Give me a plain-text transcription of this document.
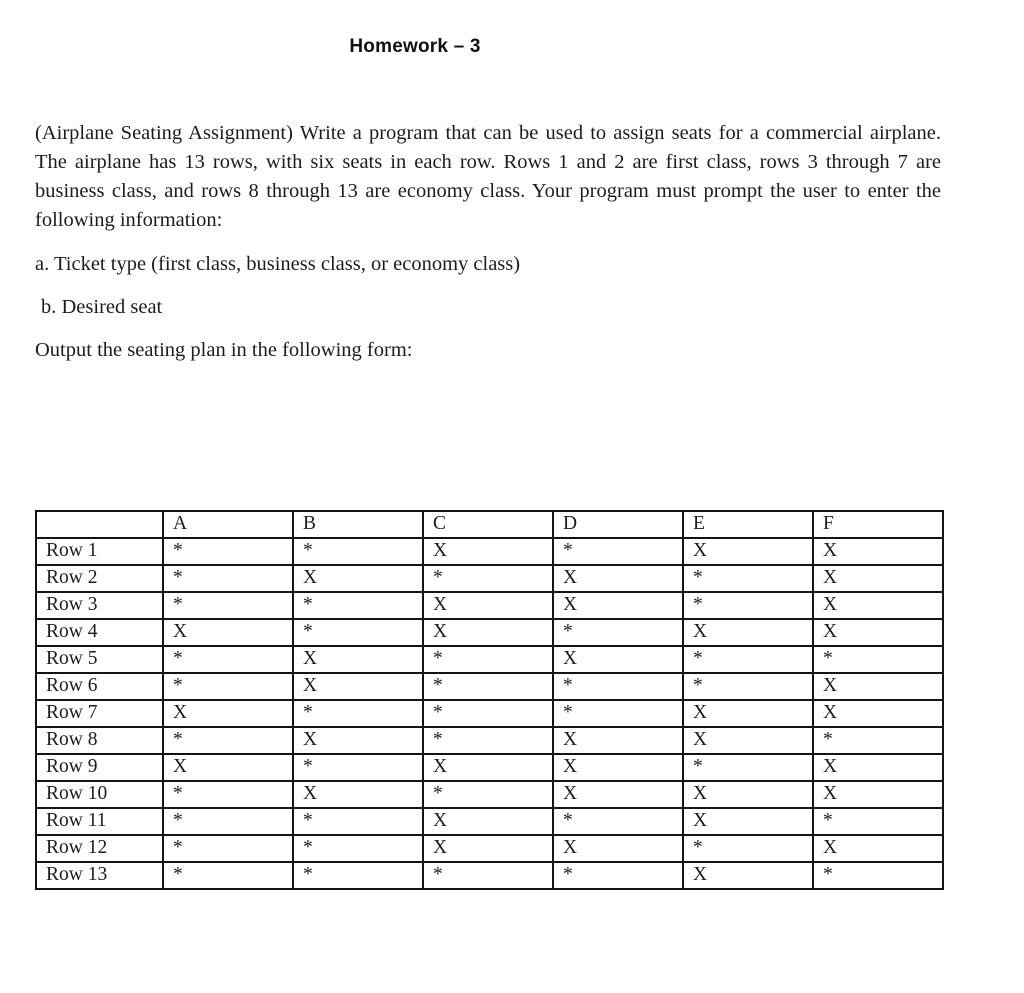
Homework – 3

(Airplane Seating Assignment) Write a program that can be used to assign seats for a commercial airplane. The airplane has 13 rows, with six seats in each row. Rows 1 and 2 are first class, rows 3 through 7 are business class, and rows 8 through 13 are economy class. Your program must prompt the user to enter the following information:

a. Ticket type (first class, business class, or economy class)

b. Desired seat

Output the seating plan in the following form:

	A	B	C	D	E	F
Row 1	*	*	X	*	X	X
Row 2	*	X	*	X	*	X
Row 3	*	*	X	X	*	X
Row 4	X	*	X	*	X	X
Row 5	*	X	*	X	*	*
Row 6	*	X	*	*	*	X
Row 7	X	*	*	*	X	X
Row 8	*	X	*	X	X	*
Row 9	X	*	X	X	*	X
Row 10	*	X	*	X	X	X
Row 11	*	*	X	*	X	*
Row 12	*	*	X	X	*	X
Row 13	*	*	*	*	X	*
